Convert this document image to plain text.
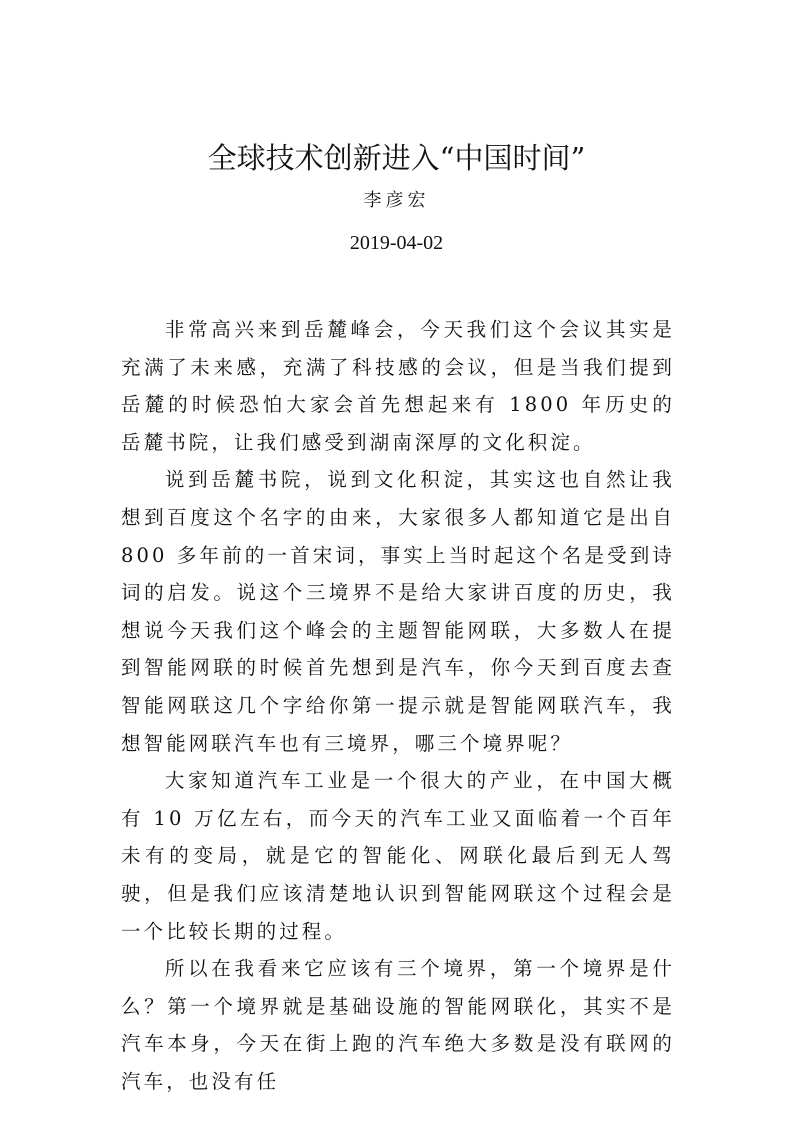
全球技术创新进入“中国时间”
李彦宏
2019-04-02

非常高兴来到岳麓峰会，今天我们这个会议其实是充满了未来感，充满了科技感的会议，但是当我们提到岳麓的时候恐怕大家会首先想起来有 1800 年历史的岳麓书院，让我们感受到湖南深厚的文化积淀。

说到岳麓书院，说到文化积淀，其实这也自然让我想到百度这个名字的由来，大家很多人都知道它是出自 800 多年前的一首宋词，事实上当时起这个名是受到诗词的启发。说这个三境界不是给大家讲百度的历史，我想说今天我们这个峰会的主题智能网联，大多数人在提到智能网联的时候首先想到是汽车，你今天到百度去查智能网联这几个字给你第一提示就是智能网联汽车，我想智能网联汽车也有三境界，哪三个境界呢？

大家知道汽车工业是一个很大的产业，在中国大概有 10 万亿左右，而今天的汽车工业又面临着一个百年未有的变局，就是它的智能化、网联化最后到无人驾驶，但是我们应该清楚地认识到智能网联这个过程会是一个比较长期的过程。

所以在我看来它应该有三个境界，第一个境界是什么？第一个境界就是基础设施的智能网联化，其实不是汽车本身，今天在街上跑的汽车绝大多数是没有联网的汽车，也没有任
